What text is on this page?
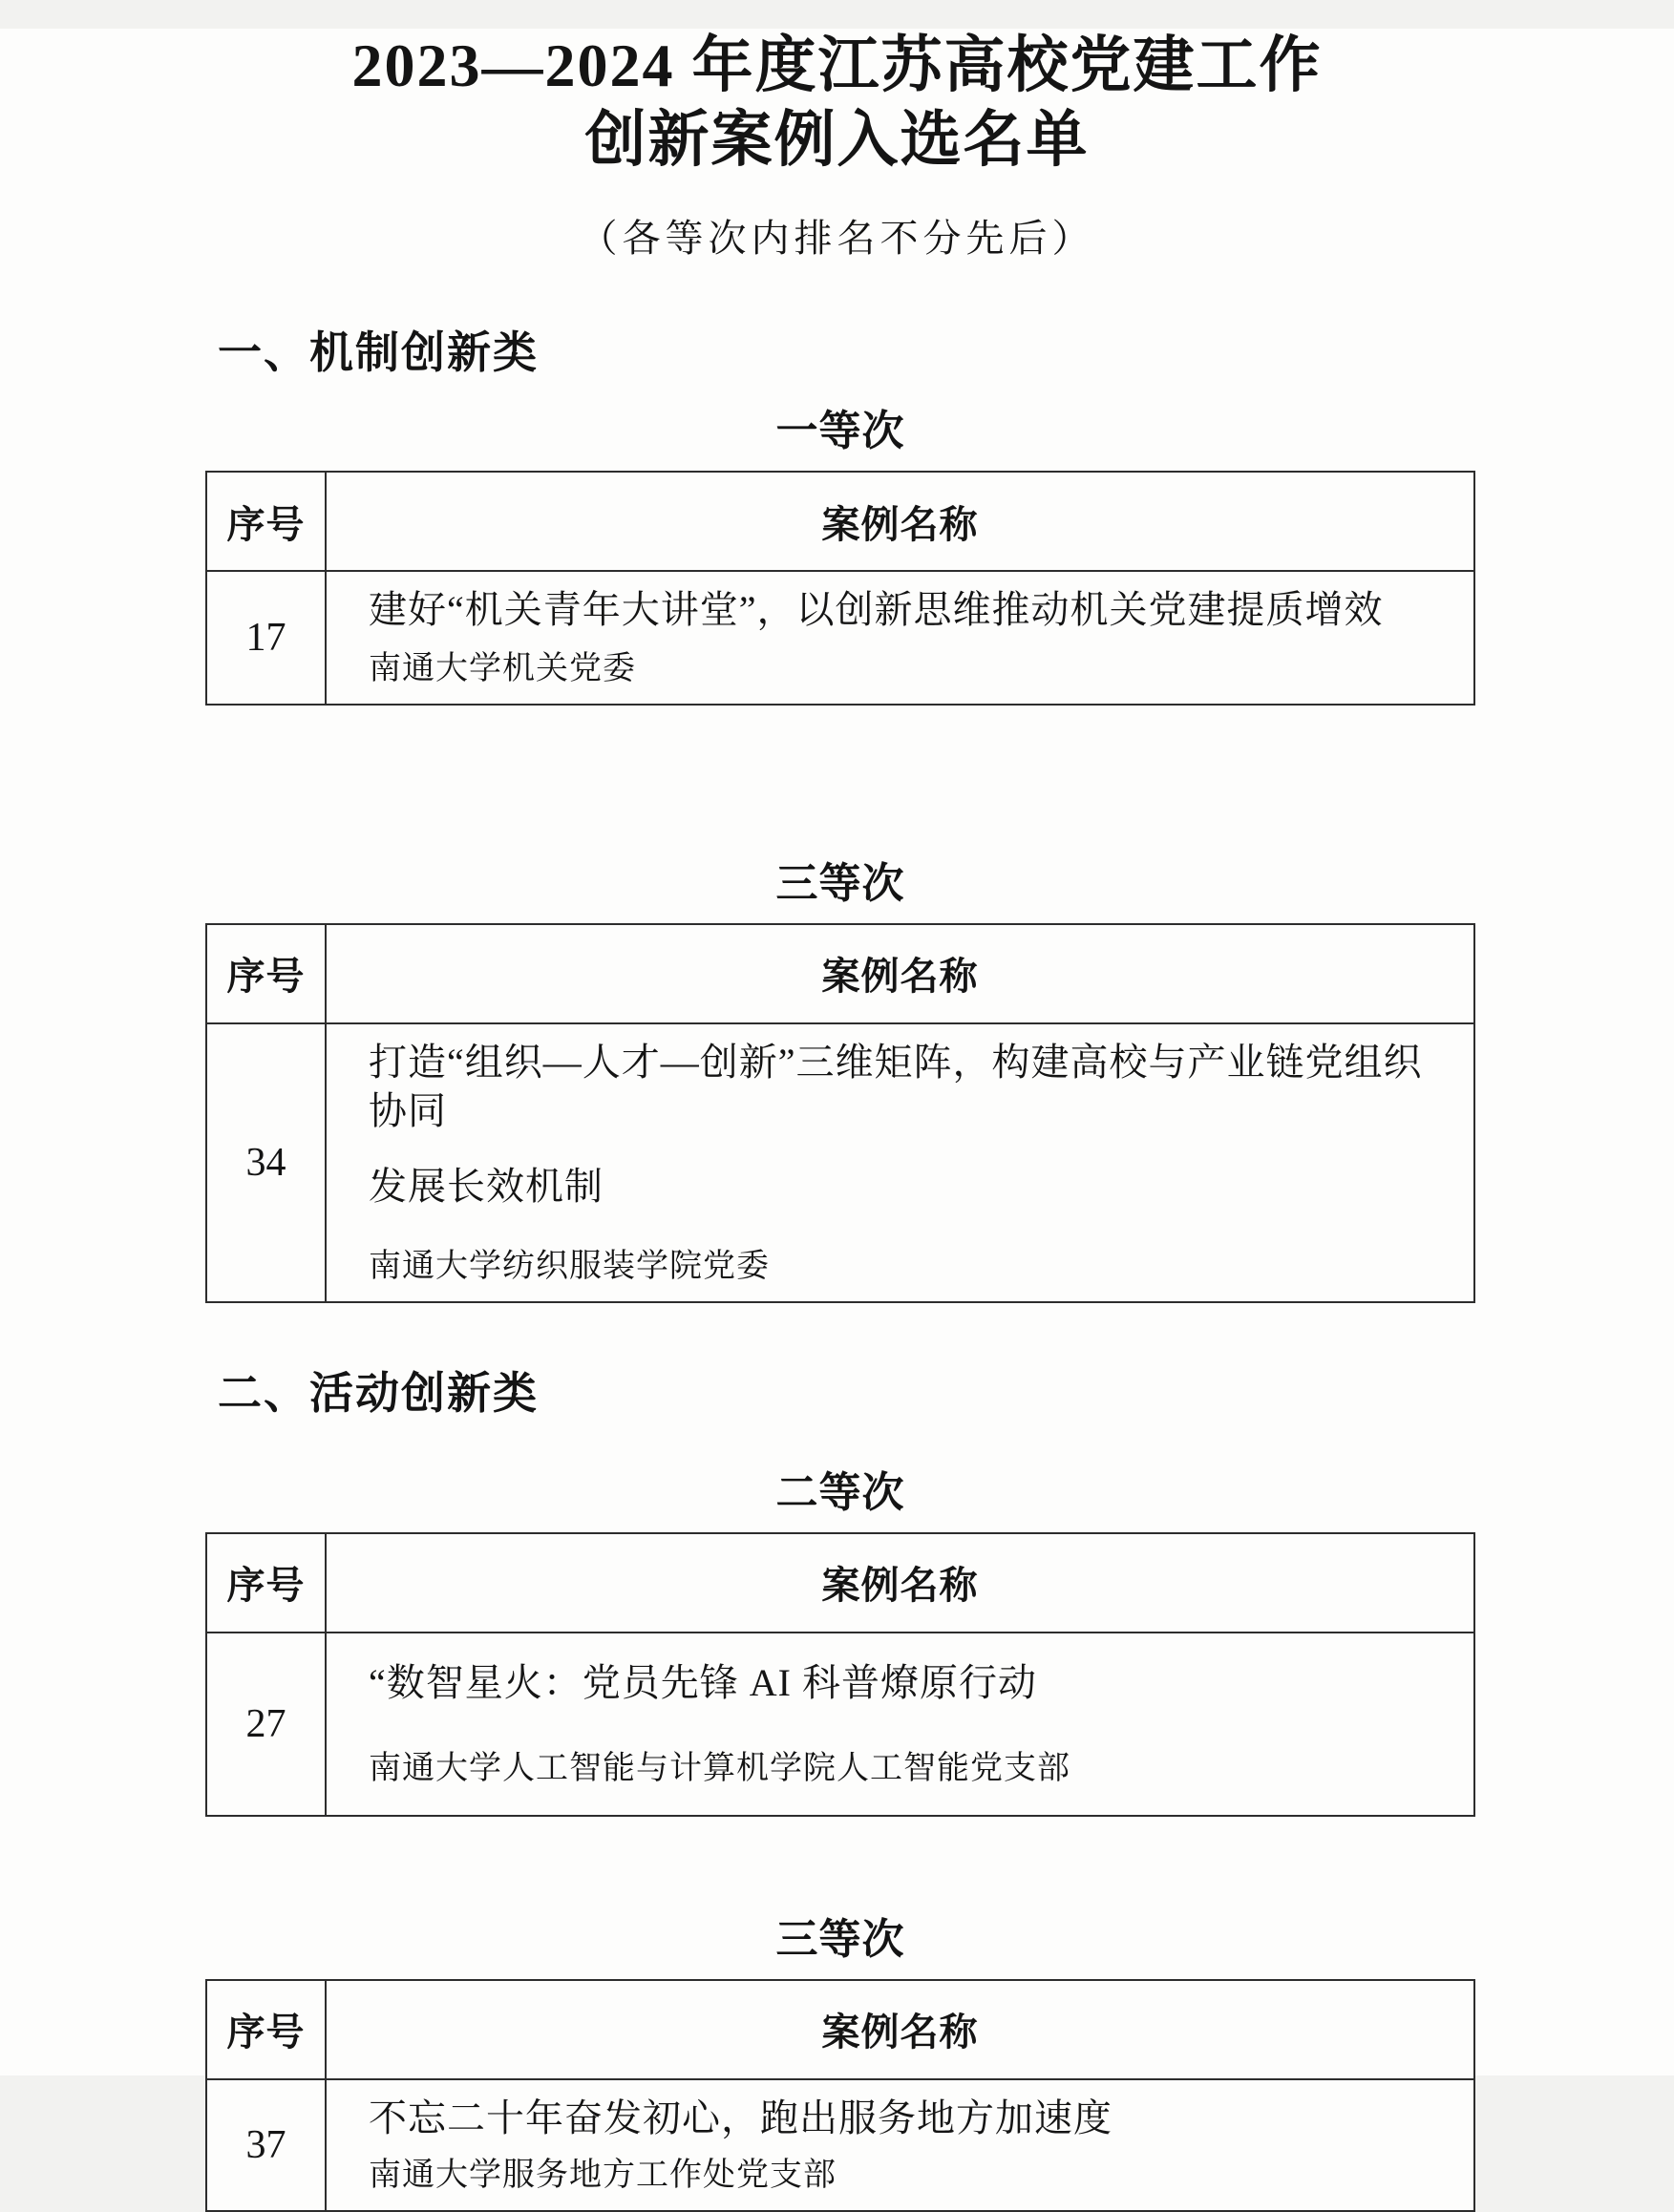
2023—2024 年度江苏高校党建工作
创新案例入选名单
（各等次内排名不分先后）
一、机制创新类
一等次
序号	案例名称
17	建好“机关青年大讲堂”，以创新思维推动机关党建提质增效
南通大学机关党委
三等次
序号	案例名称
34	打造“组织—人才—创新”三维矩阵，构建高校与产业链党组织协同
发展长效机制
南通大学纺织服装学院党委
二、活动创新类
二等次
序号	案例名称
27	“数智星火：党员先锋 AI 科普燎原行动
南通大学人工智能与计算机学院人工智能党支部
三等次
序号	案例名称
37	不忘二十年奋发初心，跑出服务地方加速度
南通大学服务地方工作处党支部
